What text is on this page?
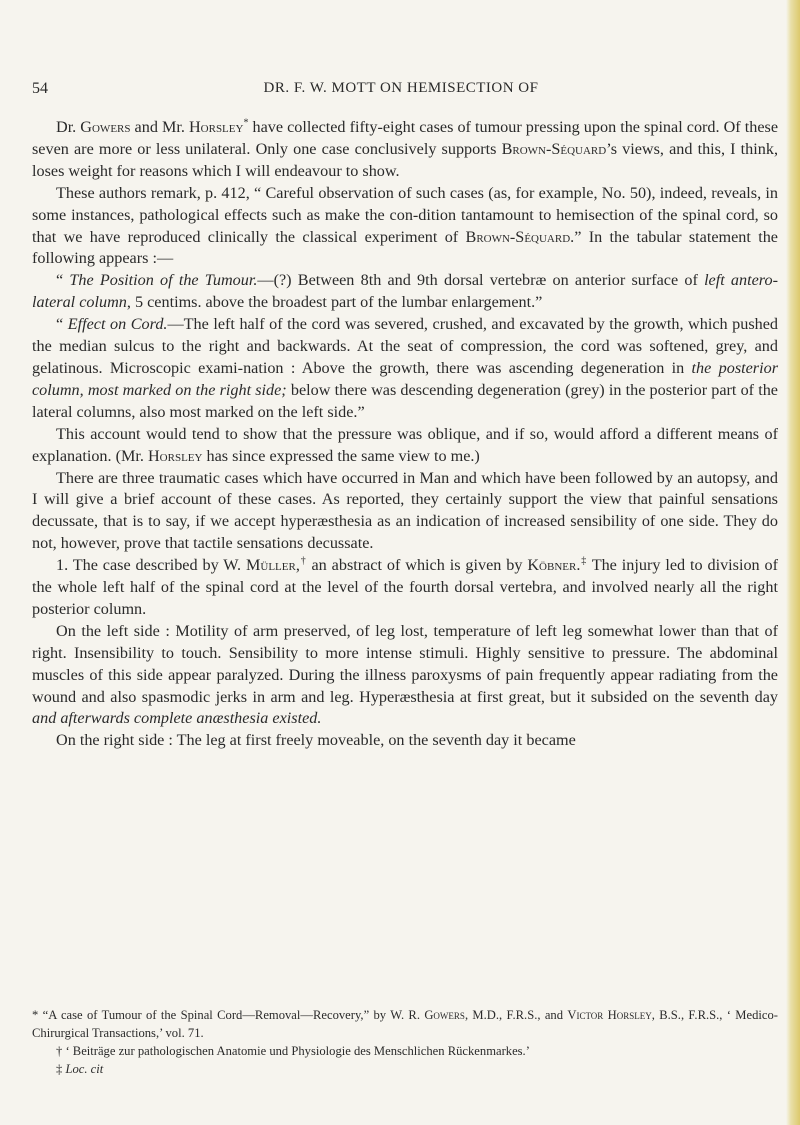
54	DR. F. W. MOTT ON HEMISECTION OF

Dr. Gowers and Mr. Horsley* have collected fifty-eight cases of tumour pressing upon the spinal cord. Of these seven are more or less unilateral. Only one case conclusively supports Brown-Séquard’s views, and this, I think, loses weight for reasons which I will endeavour to show.

These authors remark, p. 412, “ Careful observation of such cases (as, for example, No. 50), indeed, reveals, in some instances, pathological effects such as make the con-dition tantamount to hemisection of the spinal cord, so that we have reproduced clinically the classical experiment of Brown-Séquard.” In the tabular statement the following appears :—

“ The Position of the Tumour.—(?) Between 8th and 9th dorsal vertebræ on anterior surface of left antero-lateral column, 5 centims. above the broadest part of the lumbar enlargement.”

“ Effect on Cord.—The left half of the cord was severed, crushed, and excavated by the growth, which pushed the median sulcus to the right and backwards. At the seat of compression, the cord was softened, grey, and gelatinous. Microscopic exami-nation : Above the growth, there was ascending degeneration in the posterior column, most marked on the right side; below there was descending degeneration (grey) in the posterior part of the lateral columns, also most marked on the left side.”

This account would tend to show that the pressure was oblique, and if so, would afford a different means of explanation. (Mr. Horsley has since expressed the same view to me.)

There are three traumatic cases which have occurred in Man and which have been followed by an autopsy, and I will give a brief account of these cases. As reported, they certainly support the view that painful sensations decussate, that is to say, if we accept hyperæsthesia as an indication of increased sensibility of one side. They do not, however, prove that tactile sensations decussate.

1. The case described by W. Müller,† an abstract of which is given by Köbner.‡ The injury led to division of the whole left half of the spinal cord at the level of the fourth dorsal vertebra, and involved nearly all the right posterior column.

On the left side : Motility of arm preserved, of leg lost, temperature of left leg somewhat lower than that of right. Insensibility to touch. Sensibility to more intense stimuli. Highly sensitive to pressure. The abdominal muscles of this side appear paralyzed. During the illness paroxysms of pain frequently appear radiating from the wound and also spasmodic jerks in arm and leg. Hyperæsthesia at first great, but it subsided on the seventh day and afterwards complete anæsthesia existed.

On the right side : The leg at first freely moveable, on the seventh day it became

* “A case of Tumour of the Spinal Cord—Removal—Recovery,” by W. R. Gowers, M.D., F.R.S., and Victor Horsley, B.S., F.R.S., ‘ Medico-Chirurgical Transactions,’ vol. 71.

† ‘ Beiträge zur pathologischen Anatomie und Physiologie des Menschlichen Rückenmarkes.’

‡ Loc. cit
